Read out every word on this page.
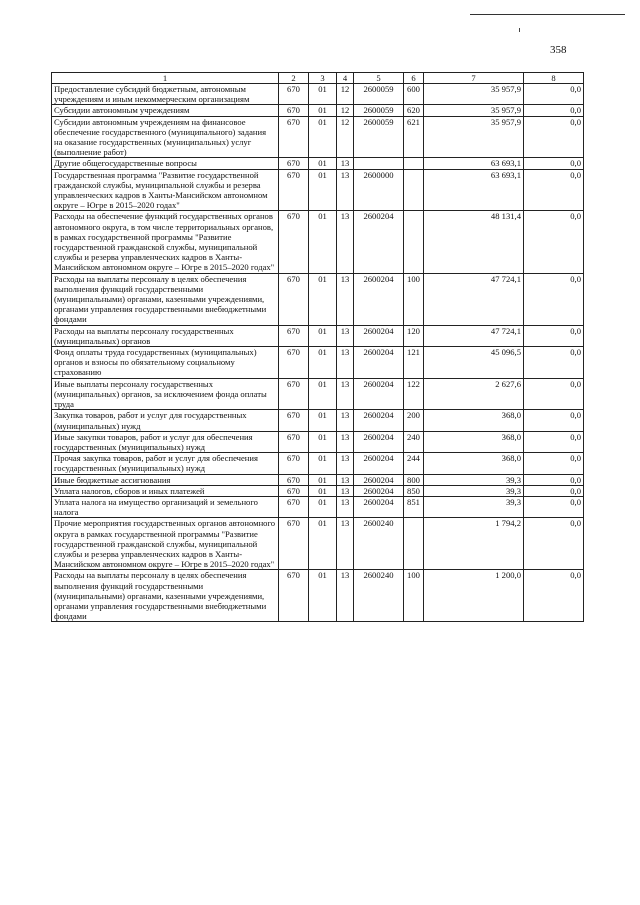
358
1	2	3	4	5	6	7	8
Предоставление субсидий бюджетным, автономным учреждениям и иным некоммерческим организациям	670	01	12	2600059	600	35 957,9	0,0
Субсидии автономным учреждениям	670	01	12	2600059	620	35 957,9	0,0
Субсидии автономным учреждениям на финансовое обеспечение государственного (муниципального) задания на оказание государственных (муниципальных) услуг (выполнение работ)	670	01	12	2600059	621	35 957,9	0,0
Другие общегосударственные вопросы	670	01	13			63 693,1	0,0
Государственная программа "Развитие государственной гражданской службы, муниципальной службы и резерва управленческих кадров в Ханты-Мансийском автономном округе – Югре в 2015–2020 годах"	670	01	13	2600000		63 693,1	0,0
Расходы на обеспечение функций государственных органов автономного округа, в том числе территориальных органов, в рамках государственной программы "Развитие государственной гражданской службы, муниципальной службы и резерва управленческих кадров в Ханты-Мансийском автономном округе – Югре в 2015–2020 годах"	670	01	13	2600204		48 131,4	0,0
Расходы на выплаты персоналу в целях обеспечения выполнения функций государственными (муниципальными) органами, казенными учреждениями, органами управления государственными внебюджетными фондами	670	01	13	2600204	100	47 724,1	0,0
Расходы на выплаты персоналу государственных (муниципальных) органов	670	01	13	2600204	120	47 724,1	0,0
Фонд оплаты труда государственных (муниципальных) органов и взносы по обязательному социальному страхованию	670	01	13	2600204	121	45 096,5	0,0
Иные выплаты персоналу государственных (муниципальных) органов, за исключением фонда оплаты труда	670	01	13	2600204	122	2 627,6	0,0
Закупка товаров, работ и услуг для государственных (муниципальных) нужд	670	01	13	2600204	200	368,0	0,0
Иные закупки товаров, работ и услуг для обеспечения государственных (муниципальных) нужд	670	01	13	2600204	240	368,0	0,0
Прочая закупка товаров, работ и услуг для обеспечения государственных (муниципальных) нужд	670	01	13	2600204	244	368,0	0,0
Иные бюджетные ассигнования	670	01	13	2600204	800	39,3	0,0
Уплата налогов, сборов и иных платежей	670	01	13	2600204	850	39,3	0,0
Уплата налога на имущество организаций и земельного налога	670	01	13	2600204	851	39,3	0,0
Прочие мероприятия государственных органов автономного округа в рамках государственной программы "Развитие государственной гражданской службы, муниципальной службы и резерва управленческих кадров в Ханты-Мансийском автономном округе – Югре в 2015–2020 годах"	670	01	13	2600240		1 794,2	0,0
Расходы на выплаты персоналу в целях обеспечения выполнения функций государственными (муниципальными) органами, казенными учреждениями, органами управления государственными внебюджетными фондами	670	01	13	2600240	100	1 200,0	0,0
